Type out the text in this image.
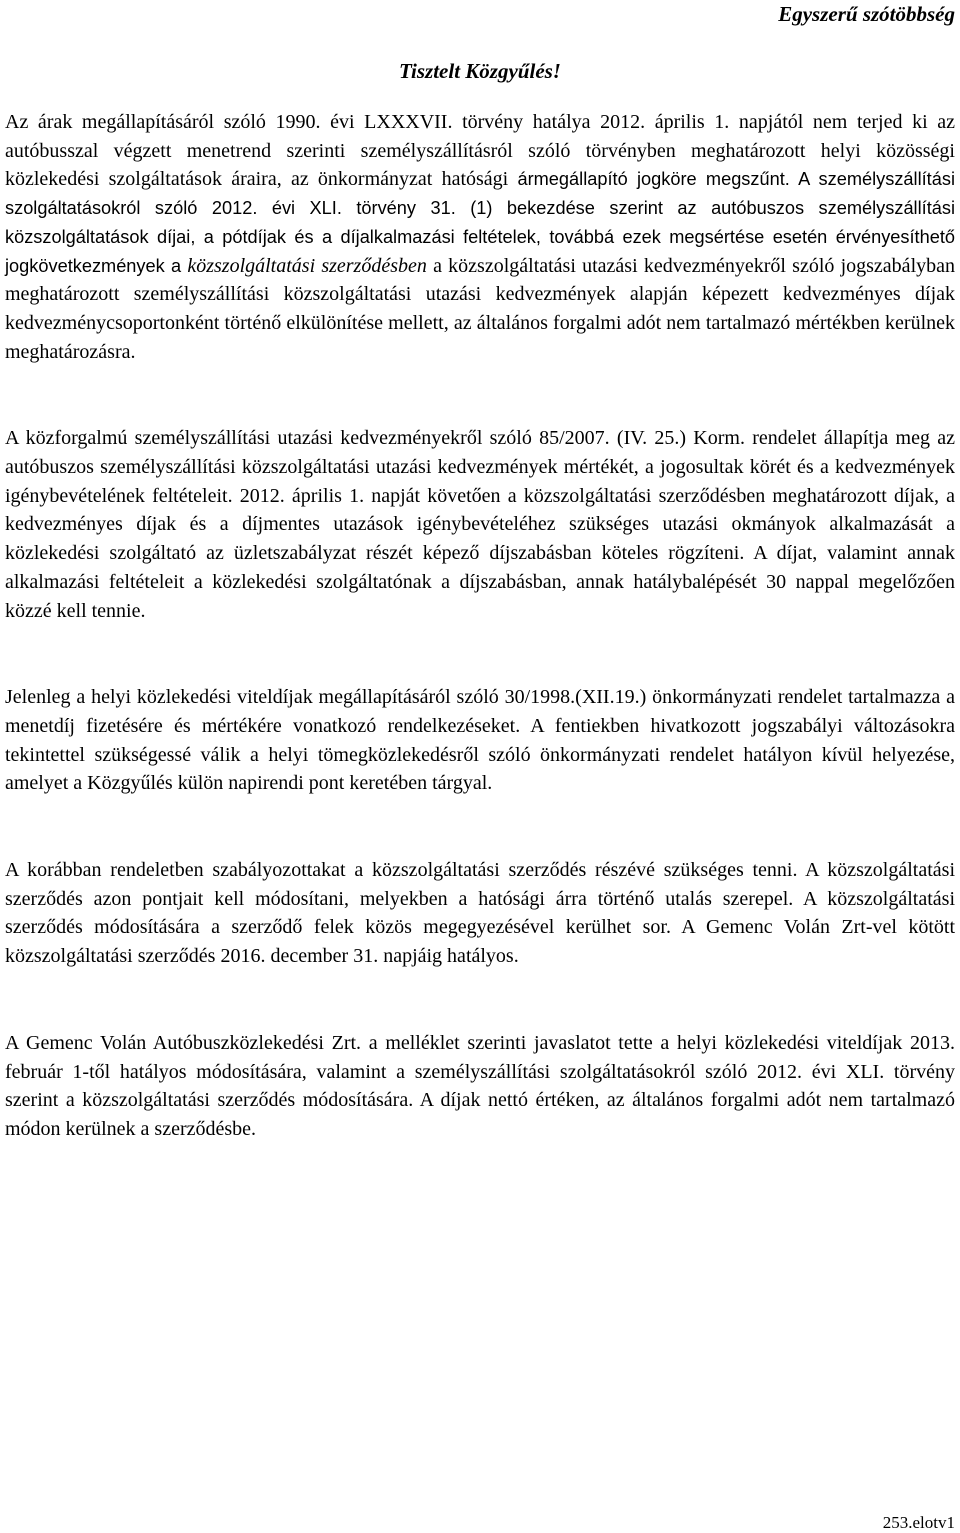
Egyszerű szótöbbség

Tisztelt Közgyűlés!

Az árak megállapításáról szóló 1990. évi LXXXVII. törvény hatálya 2012. április 1. napjától nem terjed ki az autóbusszal végzett menetrend szerinti személyszállításról szóló törvényben meghatározott helyi közösségi közlekedési szolgáltatások áraira, az önkormányzat hatósági ármegállapító jogköre megszűnt. A személyszállítási szolgáltatásokról szóló 2012. évi XLI. törvény 31. (1) bekezdése szerint az autóbuszos személyszállítási közszolgáltatások díjai, a pótdíjak és a díjalkalmazási feltételek, továbbá ezek megsértése esetén érvényesíthető jogkövetkezmények a közszolgáltatási szerződésben a közszolgáltatási utazási kedvezményekről szóló jogszabályban meghatározott személyszállítási közszolgáltatási utazási kedvezmények alapján képezett kedvezményes díjak kedvezménycsoportonként történő elkülönítése mellett, az általános forgalmi adót nem tartalmazó mértékben kerülnek meghatározásra.

A közforgalmú személyszállítási utazási kedvezményekről szóló 85/2007. (IV. 25.) Korm. rendelet állapítja meg az autóbuszos személyszállítási közszolgáltatási utazási kedvezmények mértékét, a jogosultak körét és a kedvezmények igénybevételének feltételeit. 2012. április 1. napját követően a közszolgáltatási szerződésben meghatározott díjak, a kedvezményes díjak és a díjmentes utazások igénybevételéhez szükséges utazási okmányok alkalmazását a közlekedési szolgáltató az üzletszabályzat részét képező díjszabásban köteles rögzíteni. A díjat, valamint annak alkalmazási feltételeit a közlekedési szolgáltatónak a díjszabásban, annak hatálybalépését 30 nappal megelőzően közzé kell tennie.

Jelenleg a helyi közlekedési viteldíjak megállapításáról szóló 30/1998.(XII.19.) önkormányzati rendelet tartalmazza a menetdíj fizetésére és mértékére vonatkozó rendelkezéseket. A fentiekben hivatkozott jogszabályi változásokra tekintettel szükségessé válik a helyi tömegközlekedésről szóló önkormányzati rendelet hatályon kívül helyezése, amelyet a Közgyűlés külön napirendi pont keretében tárgyal.

A korábban rendeletben szabályozottakat a közszolgáltatási szerződés részévé szükséges tenni. A közszolgáltatási szerződés azon pontjait kell módosítani, melyekben a hatósági árra történő utalás szerepel. A közszolgáltatási szerződés módosítására a szerződő felek közös megegyezésével kerülhet sor. A Gemenc Volán Zrt-vel kötött közszolgáltatási szerződés 2016. december 31. napjáig hatályos.

A Gemenc Volán Autóbuszközlekedési Zrt. a melléklet szerinti javaslatot tette a helyi közlekedési viteldíjak 2013. február 1-től hatályos módosítására, valamint a személyszállítási szolgáltatásokról szóló 2012. évi XLI. törvény szerint a közszolgáltatási szerződés módosítására. A díjak nettó értéken, az általános forgalmi adót nem tartalmazó módon kerülnek a szerződésbe.

253.elotv1
